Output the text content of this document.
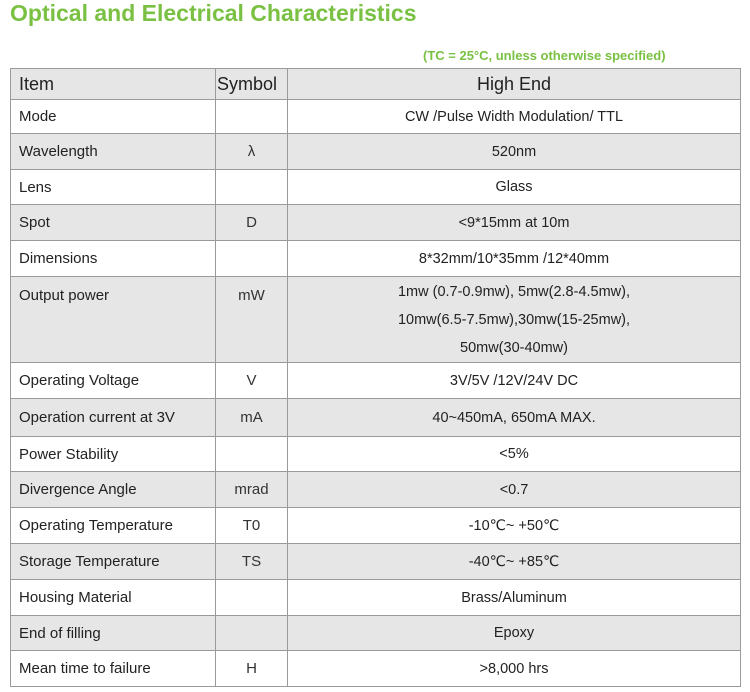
Optical and Electrical Characteristics
(TC = 25°C, unless otherwise specified)
Item	Symbol	High End
Mode		CW /Pulse Width Modulation/ TTL
Wavelength	λ	520nm
Lens		Glass
Spot	D	<9*15mm at 10m
Dimensions		8*32mm/10*35mm /12*40mm
Output power	mW	1mw (0.7-0.9mw), 5mw(2.8-4.5mw),
10mw(6.5-7.5mw),30mw(15-25mw),
50mw(30-40mw)

Operating Voltage	V	3V/5V /12V/24V DC
Operation current at 3V	mA	40~450mA, 650mA MAX.
Power Stability		<5%
Divergence Angle	mrad	<0.7
Operating Temperature	T0	-10℃~ +50℃
Storage Temperature	TS	-40℃~ +85℃
Housing Material		Brass/Aluminum
End of filling		Epoxy
Mean time to failure	H	>8,000 hrs
